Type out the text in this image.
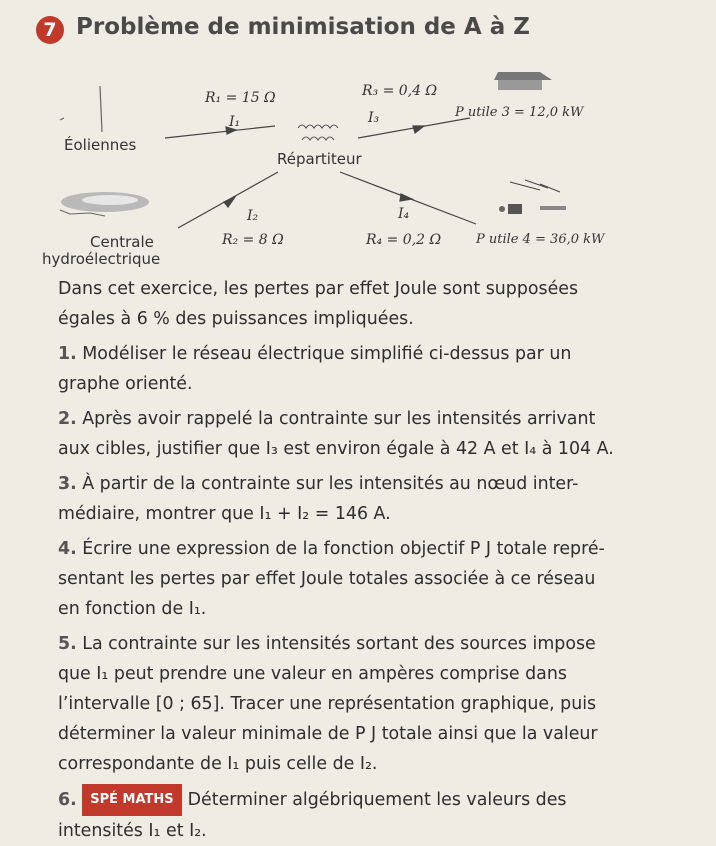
7 Problème de minimisation de A à Z
R₁ = 15 Ω	R₃ = 0,4 Ω
I₁	I₃	P utile 3 = 12,0 kW
Éoliennes
Répartiteur
I₂	I₄
Centrale	R₂ = 8 Ω	R₄ = 0,2 Ω	P utile 4 = 36,0 kW
hydroélectrique

Dans cet exercice, les pertes par effet Joule sont supposées

égales à 6 % des puissances impliquées.

1. Modéliser le réseau électrique simplifié ci-dessus par un

graphe orienté.

2. Après avoir rappelé la contrainte sur les intensités arrivant

aux cibles, justifier que I₃ est environ égale à 42 A et I₄ à 104 A.

3. À partir de la contrainte sur les intensités au nœud inter-

médiaire, montrer que I₁ + I₂ = 146 A.

4. Écrire une expression de la fonction objectif P J totale repré-

sentant les pertes par effet Joule totales associée à ce réseau

en fonction de I₁.

5. La contrainte sur les intensités sortant des sources impose

que I₁ peut prendre une valeur en ampères comprise dans

l’intervalle [0 ; 65]. Tracer une représentation graphique, puis

déterminer la valeur minimale de P J totale ainsi que la valeur

correspondante de I₁ puis celle de I₂.

6. SPÉ MATHS Déterminer algébriquement les valeurs des

intensités I₁ et I₂.
